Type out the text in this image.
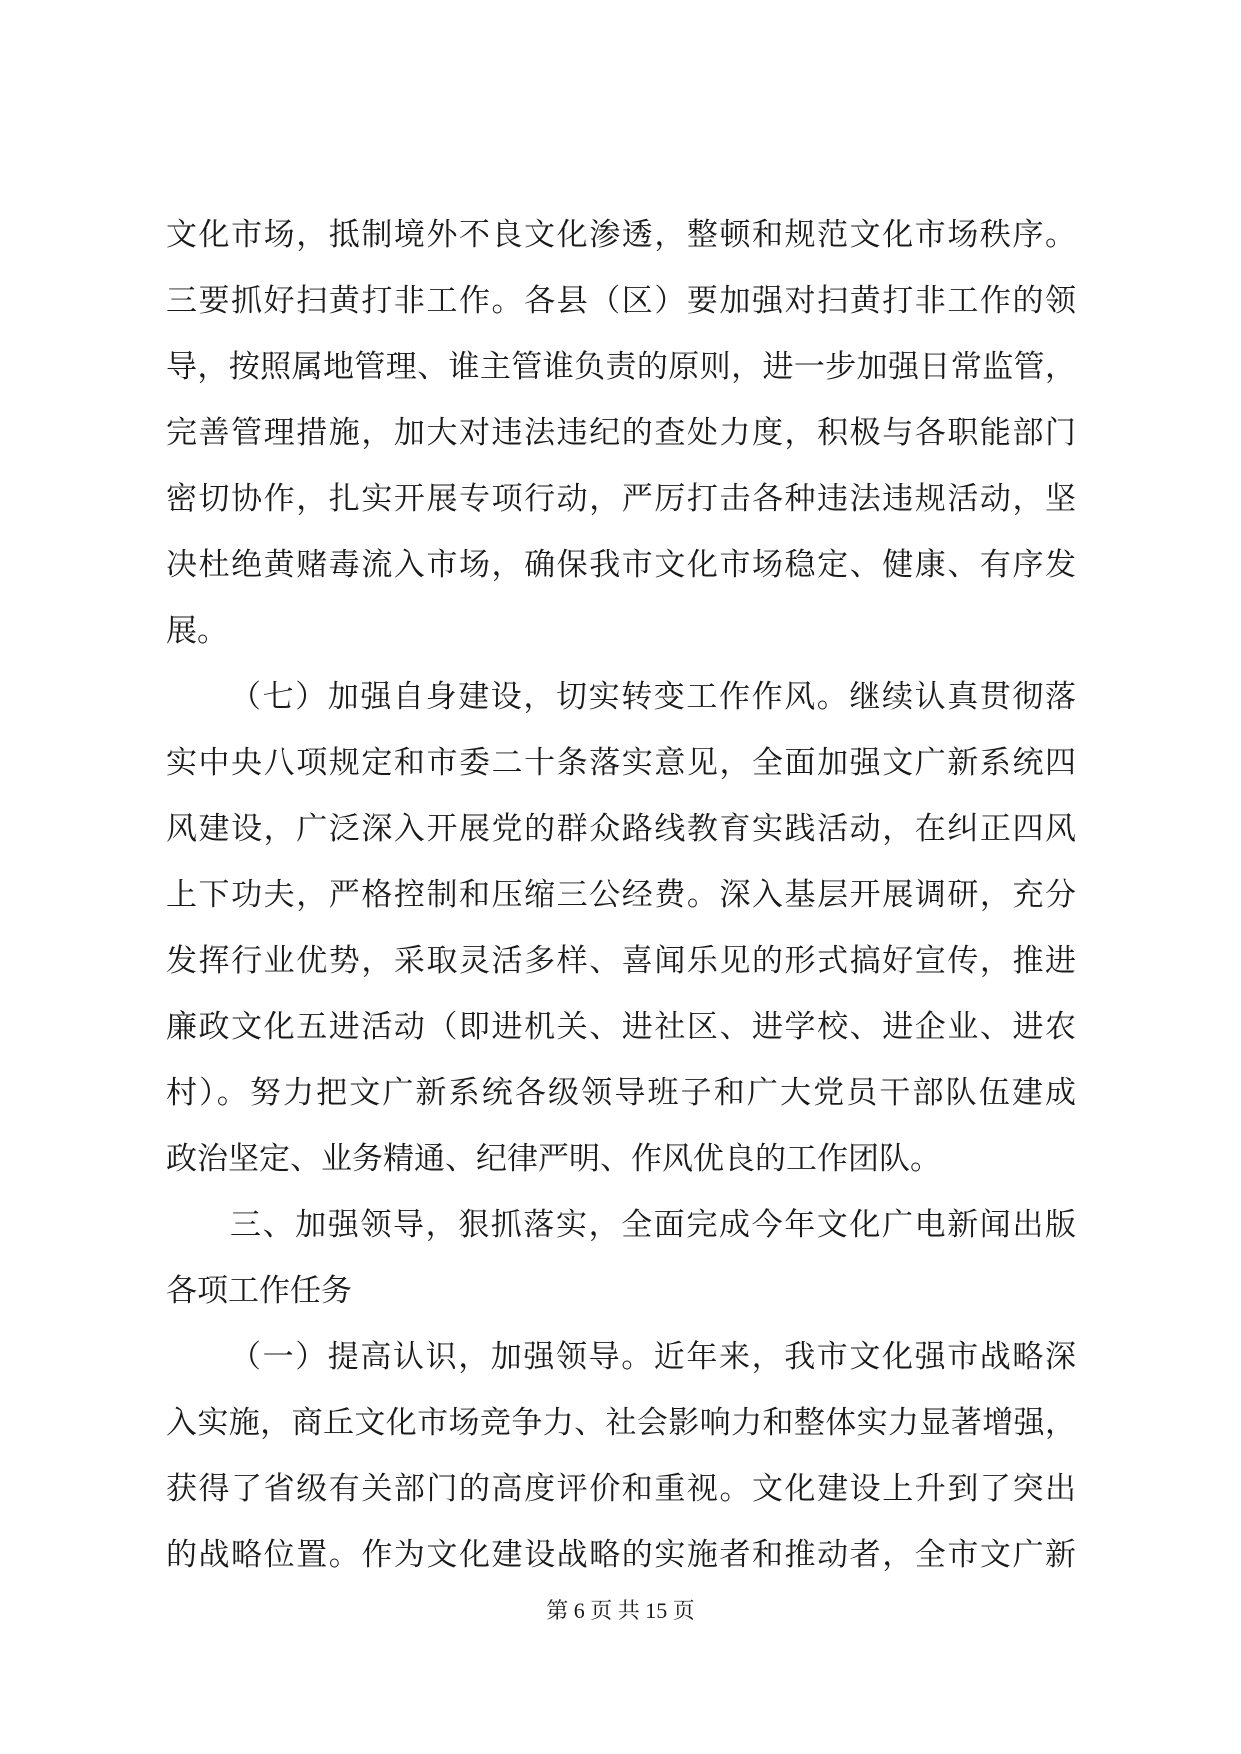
文化市场，抵制境外不良文化渗透，整顿和规范文化市场秩序。
三要抓好扫黄打非工作。各县（区）要加强对扫黄打非工作的领
导，按照属地管理、谁主管谁负责的原则，进一步加强日常监管，
完善管理措施，加大对违法违纪的查处力度，积极与各职能部门
密切协作，扎实开展专项行动，严厉打击各种违法违规活动，坚
决杜绝黄赌毒流入市场，确保我市文化市场稳定、健康、有序发
展。
（七）加强自身建设，切实转变工作作风。继续认真贯彻落
实中央八项规定和市委二十条落实意见，全面加强文广新系统四
风建设，广泛深入开展党的群众路线教育实践活动，在纠正四风
上下功夫，严格控制和压缩三公经费。深入基层开展调研，充分
发挥行业优势，采取灵活多样、喜闻乐见的形式搞好宣传，推进
廉政文化五进活动（即进机关、进社区、进学校、进企业、进农
村）。努力把文广新系统各级领导班子和广大党员干部队伍建成
政治坚定、业务精通、纪律严明、作风优良的工作团队。
三、加强领导，狠抓落实，全面完成今年文化广电新闻出版
各项工作任务
（一）提高认识，加强领导。近年来，我市文化强市战略深
入实施，商丘文化市场竞争力、社会影响力和整体实力显著增强，
获得了省级有关部门的高度评价和重视。文化建设上升到了突出
的战略位置。作为文化建设战略的实施者和推动者，全市文广新
第 6 页 共 15 页
